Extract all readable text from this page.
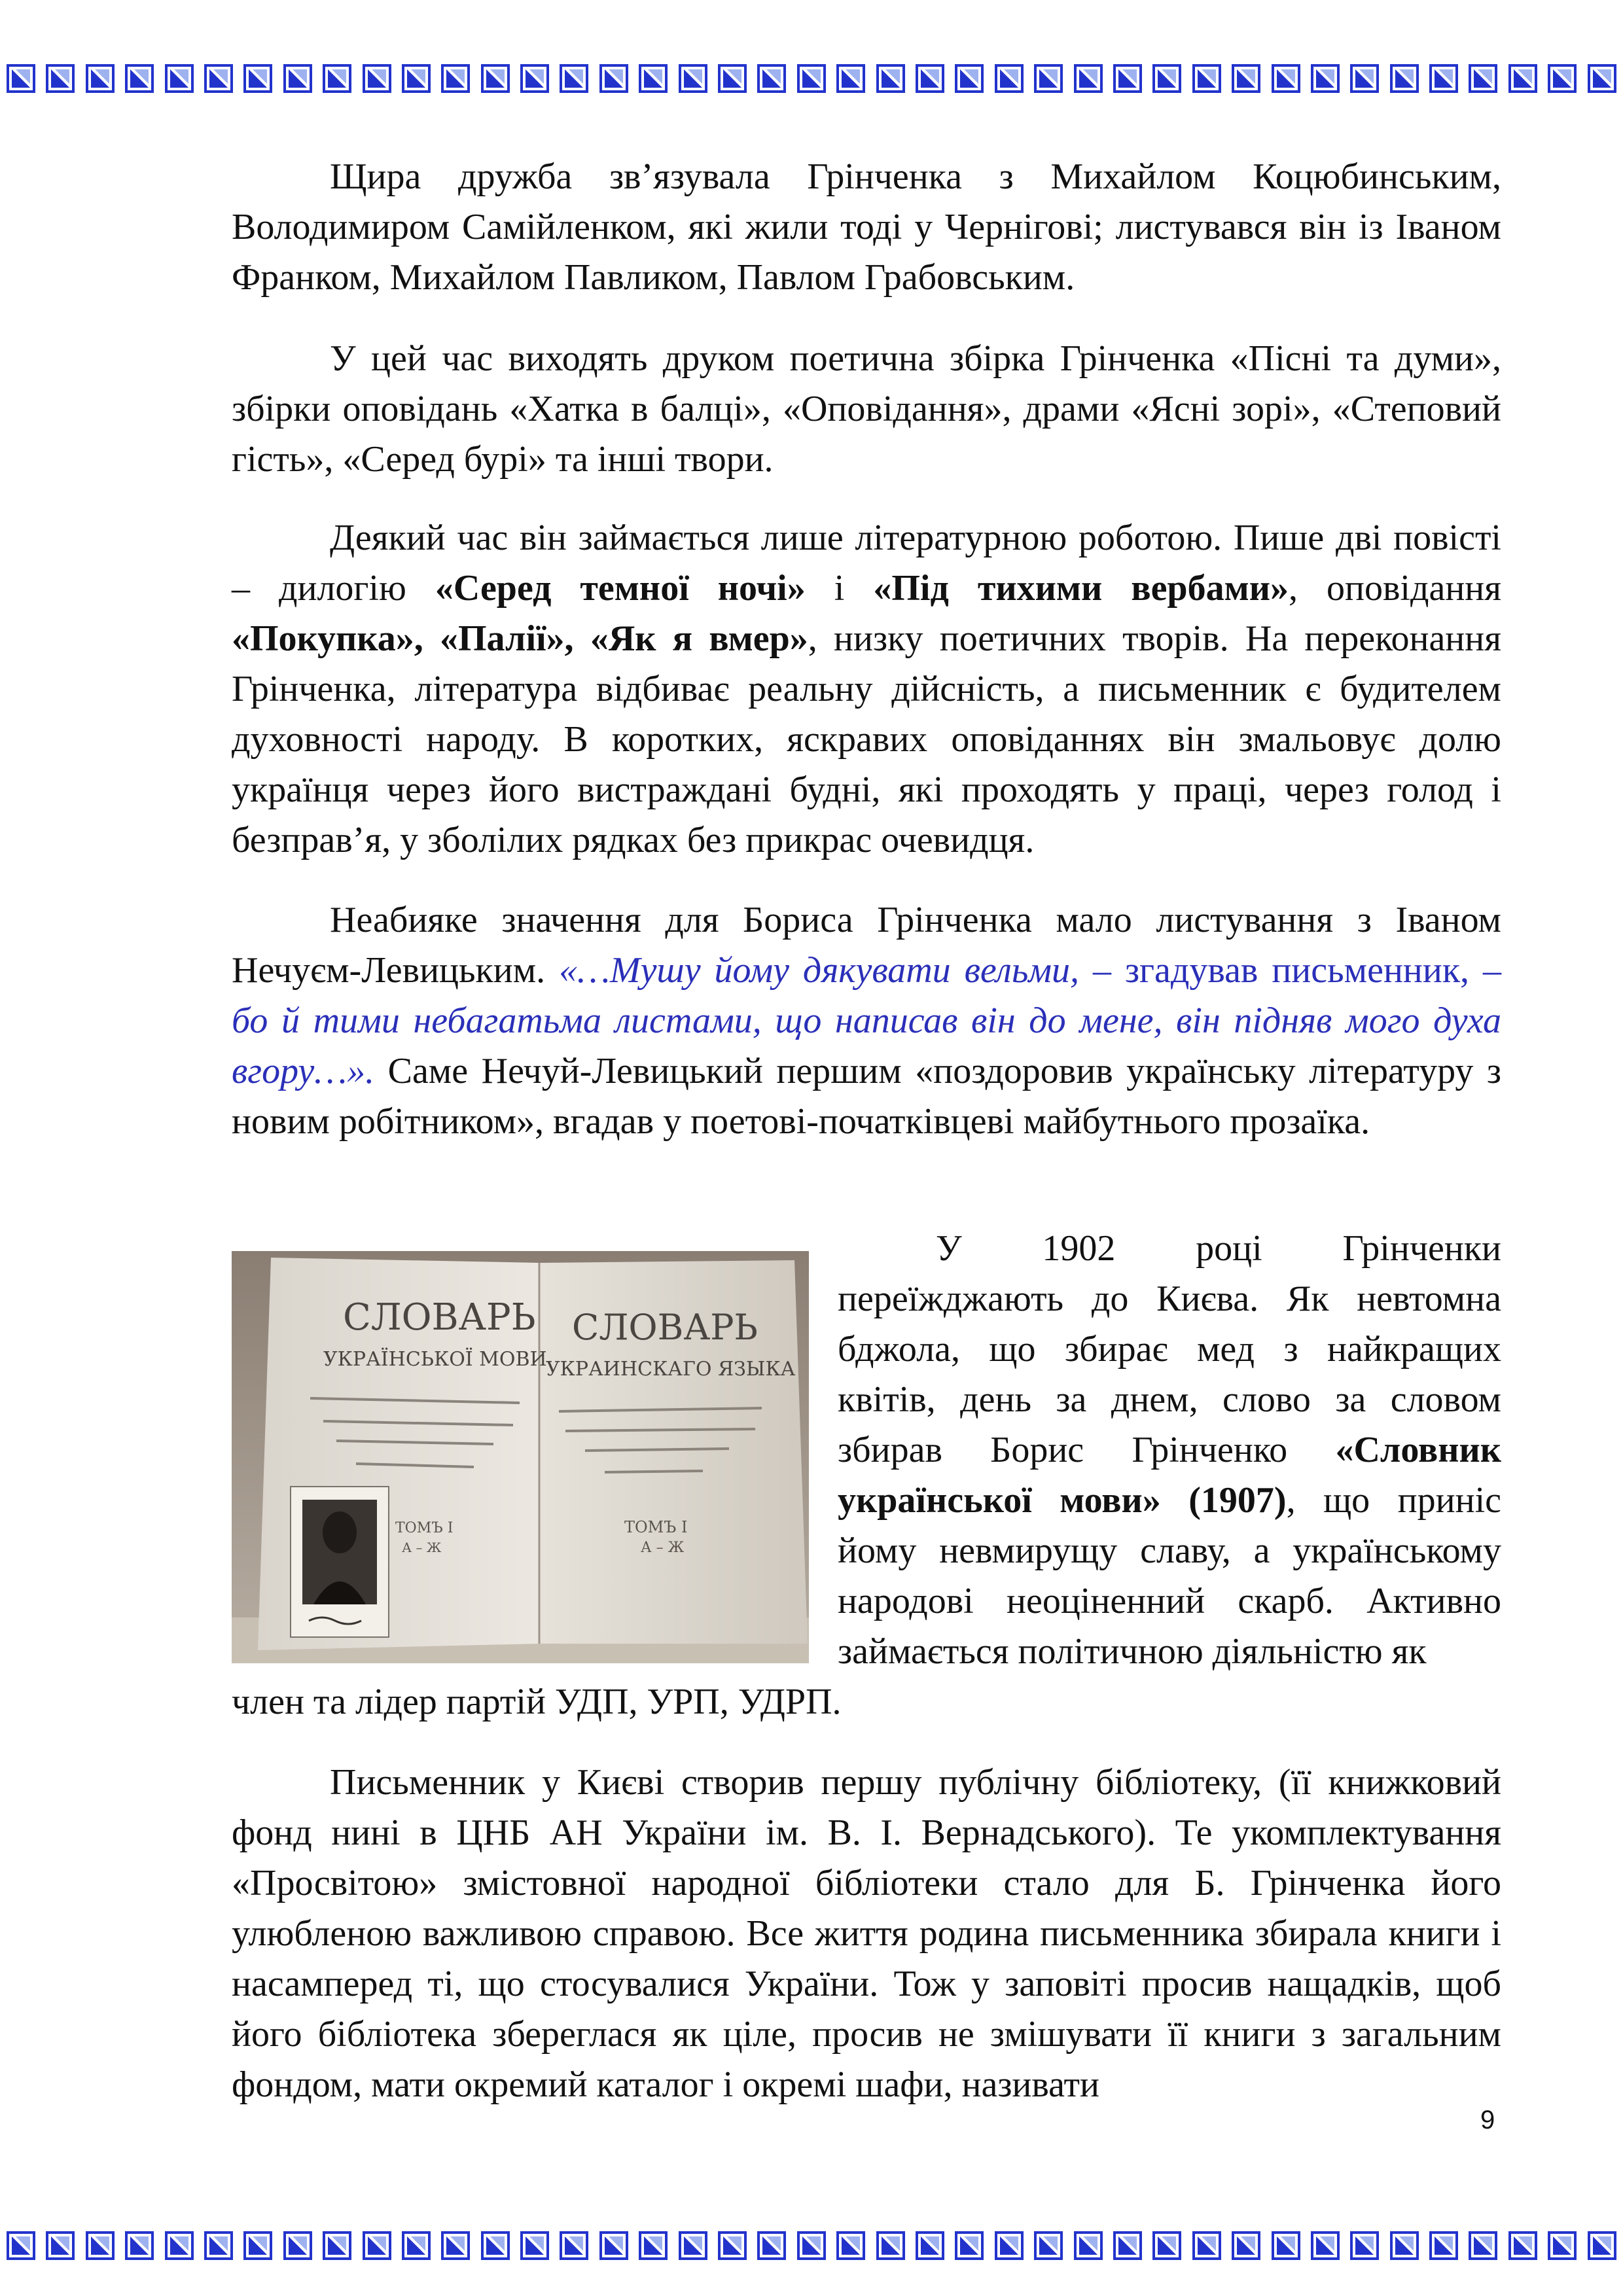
Щира дружба зв’язувала Грінченка з Михайлом Коцюбинським, Володимиром Самійленком, які жили тоді у Чернігові; листувався він із Іваном Франком, Михайлом Павликом, Павлом Грабовським.

У цей час виходять друком поетична збірка Грінченка «Пісні та думи», збірки оповідань «Хатка в балці», «Оповідання», драми «Ясні зорі», «Степовий гість», «Серед бурі» та інші твори.

Деякий час він займається лише літературною роботою. Пише дві повісті – дилогію «Серед темної ночі» і «Під тихими вербами», оповідання «Покупка», «Палії», «Як я вмер», низку поетичних творів. На переконання Грінченка, література відбиває реальну дійсність, а письменник є будителем духовності народу. В коротких, яскравих оповіданнях він змальовує долю українця через його вистраждані будні, які проходять у праці, через голод і безправ’я, у зболілих рядках без прикрас очевидця.

Неабияке значення для Бориса Грінченка мало листування з Іваном Нечуєм-Левицьким. «…Мушу йому дякувати вельми, – згадував письменник, – бо й тими небагатьма листами, що написав він до мене, він підняв мого духа вгору…». Саме Нечуй-Левицький першим «поздоровив українську літературу з новим робітником», вгадав у поетові-початківцеві майбутнього прозаїка.

СЛОВАРЬ
УКРАЇНСЬКОЇ МОВИ
СЛОВАРЬ
УКРАИНСКАГО ЯЗЫКА
ТОМЪ І
А – Ж
ТОМЪ І
А – Ж

У 1902 році Грінченки переїжджають до Києва. Як невтомна бджола, що збирає мед з найкращих квітів, день за днем, слово за словом збирав Борис Грінченко «Словник української мови» (1907), що приніс йому невмирущу славу, а українському народові неоціненний скарб. Активно займається політичною діяльністю як

член та лідер партій УДП, УРП, УДРП.

Письменник у Києві створив першу публічну бібліотеку, (її книжковий фонд нині в ЦНБ АН України ім. В. І. Вернадського). Те укомплектування «Просвітою» змістовної народної бібліотеки стало для Б. Грінченка його улюбленою важливою справою. Все життя родина письменника збирала книги і насамперед ті, що стосувалися України. Тож у заповіті просив нащадків, щоб його бібліотека збереглася як ціле, просив не змішувати її книги з загальним фондом, мати окремий каталог і окремі шафи, називати

9
